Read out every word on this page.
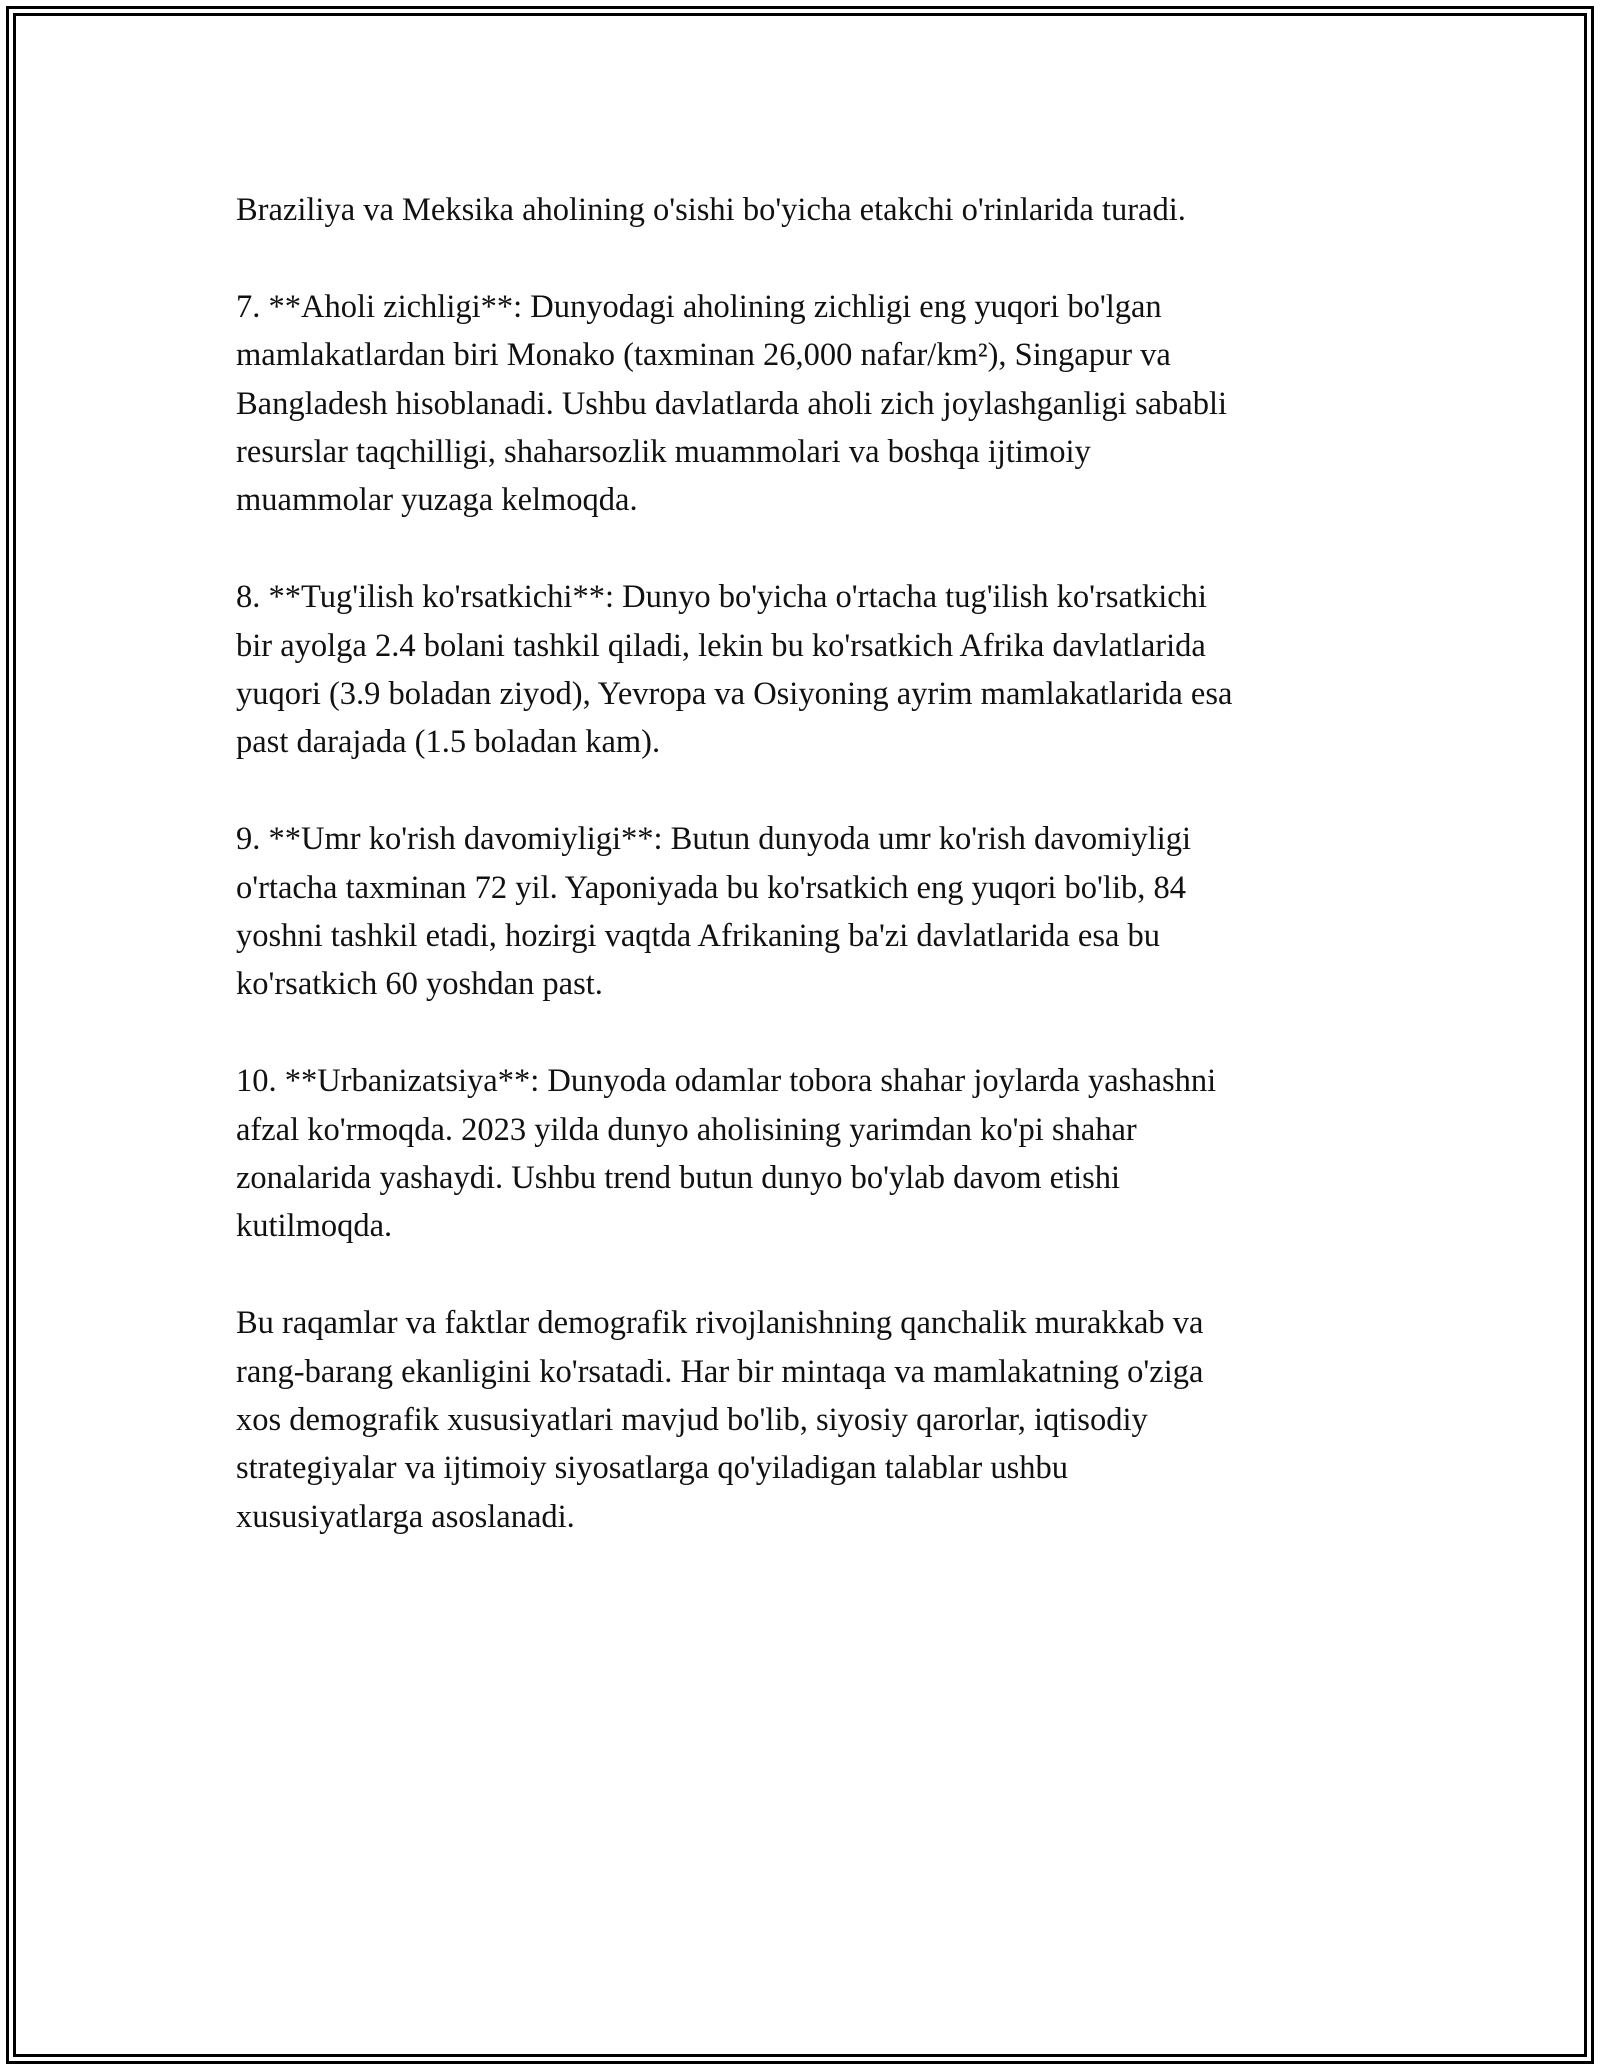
Braziliya va Meksika aholining o'sishi bo'yicha etakchi o'rinlarida turadi.

7. **Aholi zichligi**: Dunyodagi aholining zichligi eng yuqori bo'lgan
mamlakatlardan biri Monako (taxminan 26,000 nafar/km²), Singapur va
Bangladesh hisoblanadi. Ushbu davlatlarda aholi zich joylashganligi sababli
resurslar taqchilligi, shaharsozlik muammolari va boshqa ijtimoiy
muammolar yuzaga kelmoqda.

8. **Tug'ilish ko'rsatkichi**: Dunyo bo'yicha o'rtacha tug'ilish ko'rsatkichi
bir ayolga 2.4 bolani tashkil qiladi, lekin bu ko'rsatkich Afrika davlatlarida
yuqori (3.9 boladan ziyod), Yevropa va Osiyoning ayrim mamlakatlarida esa
past darajada (1.5 boladan kam).

9. **Umr ko'rish davomiyligi**: Butun dunyoda umr ko'rish davomiyligi
o'rtacha taxminan 72 yil. Yaponiyada bu ko'rsatkich eng yuqori bo'lib, 84
yoshni tashkil etadi, hozirgi vaqtda Afrikaning ba'zi davlatlarida esa bu
ko'rsatkich 60 yoshdan past.

10. **Urbanizatsiya**: Dunyoda odamlar tobora shahar joylarda yashashni
afzal ko'rmoqda. 2023 yilda dunyo aholisining yarimdan ko'pi shahar
zonalarida yashaydi. Ushbu trend butun dunyo bo'ylab davom etishi
kutilmoqda.

Bu raqamlar va faktlar demografik rivojlanishning qanchalik murakkab va
rang-barang ekanligini ko'rsatadi. Har bir mintaqa va mamlakatning o'ziga
xos demografik xususiyatlari mavjud bo'lib, siyosiy qarorlar, iqtisodiy
strategiyalar va ijtimoiy siyosatlarga qo'yiladigan talablar ushbu
xususiyatlarga asoslanadi.
